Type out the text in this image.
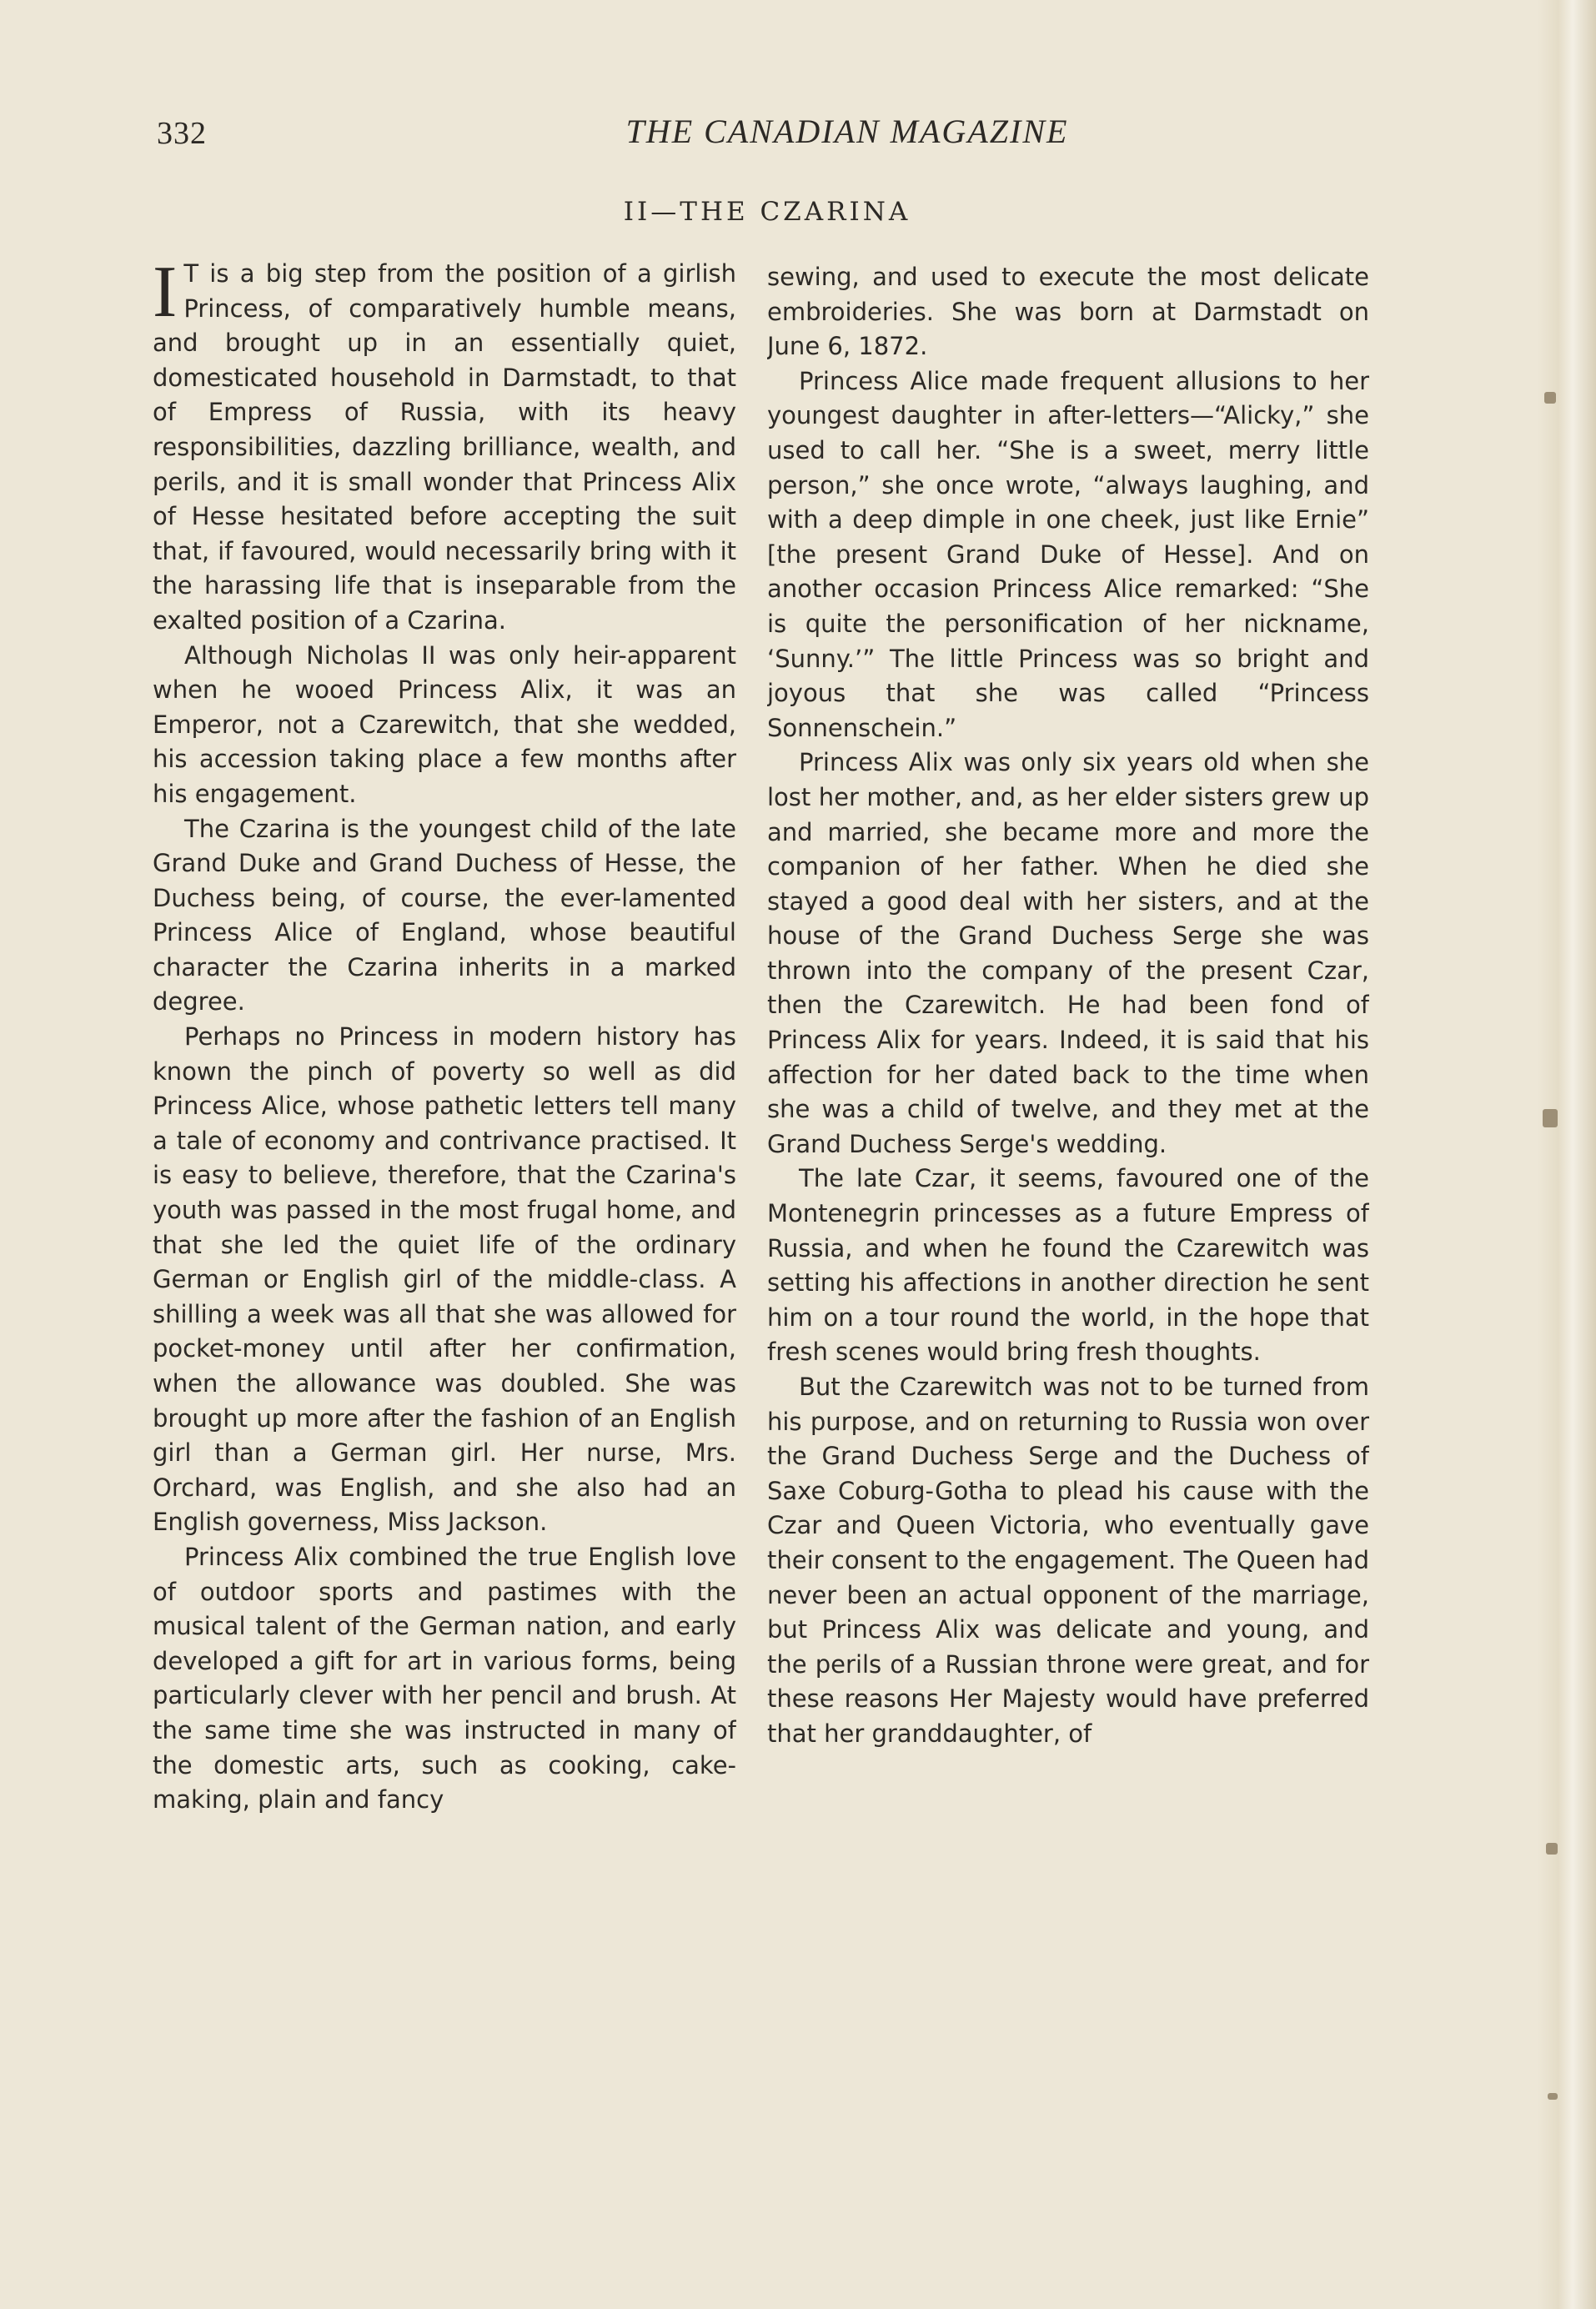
332	THE CANADIAN MAGAZINE
II—THE CZARINA

I T is a big step from the position of a girlish Princess, of comparatively humble means, and brought up in an essentially quiet, domesticated household in Darmstadt, to that of Empress of Russia, with its heavy responsibilities, dazzling brilliance, wealth, and perils, and it is small wonder that Princess Alix of Hesse hesitated before accepting the suit that, if favoured, would necessarily bring with it the harassing life that is inseparable from the exalted position of a Czarina.

Although Nicholas II was only heir-apparent when he wooed Princess Alix, it was an Emperor, not a Czarewitch, that she wedded, his accession taking place a few months after his engagement.

The Czarina is the youngest child of the late Grand Duke and Grand Duchess of Hesse, the Duchess being, of course, the ever-lamented Princess Alice of England, whose beautiful character the Czarina inherits in a marked degree.

Perhaps no Princess in modern history has known the pinch of poverty so well as did Princess Alice, whose pathetic letters tell many a tale of economy and contrivance practised. It is easy to believe, therefore, that the Czarina's youth was passed in the most frugal home, and that she led the quiet life of the ordinary German or English girl of the middle-class. A shilling a week was all that she was allowed for pocket-money until after her confirmation, when the allowance was doubled. She was brought up more after the fashion of an English girl than a German girl. Her nurse, Mrs. Orchard, was English, and she also had an English governess, Miss Jackson.

Princess Alix combined the true English love of outdoor sports and pastimes with the musical talent of the German nation, and early developed a gift for art in various forms, being particularly clever with her pencil and brush. At the same time she was instructed in many of the domestic arts, such as cooking, cake-making, plain and fancy

sewing, and used to execute the most delicate embroideries. She was born at Darmstadt on June 6, 1872.

Princess Alice made frequent allusions to her youngest daughter in after-letters—“Alicky,” she used to call her. “She is a sweet, merry little person,” she once wrote, “always laughing, and with a deep dimple in one cheek, just like Ernie” [the present Grand Duke of Hesse]. And on another occasion Princess Alice remarked: “She is quite the personification of her nickname, ‘Sunny.’” The little Princess was so bright and joyous that she was called “Princess Sonnenschein.”

Princess Alix was only six years old when she lost her mother, and, as her elder sisters grew up and married, she became more and more the companion of her father. When he died she stayed a good deal with her sisters, and at the house of the Grand Duchess Serge she was thrown into the company of the present Czar, then the Czarewitch. He had been fond of Princess Alix for years. Indeed, it is said that his affection for her dated back to the time when she was a child of twelve, and they met at the Grand Duchess Serge's wedding.

The late Czar, it seems, favoured one of the Montenegrin princesses as a future Empress of Russia, and when he found the Czarewitch was setting his affections in another direction he sent him on a tour round the world, in the hope that fresh scenes would bring fresh thoughts.

But the Czarewitch was not to be turned from his purpose, and on returning to Russia won over the Grand Duchess Serge and the Duchess of Saxe Coburg-Gotha to plead his cause with the Czar and Queen Victoria, who eventually gave their consent to the engagement. The Queen had never been an actual opponent of the marriage, but Princess Alix was delicate and young, and the perils of a Russian throne were great, and for these reasons Her Majesty would have preferred that her granddaughter, of
